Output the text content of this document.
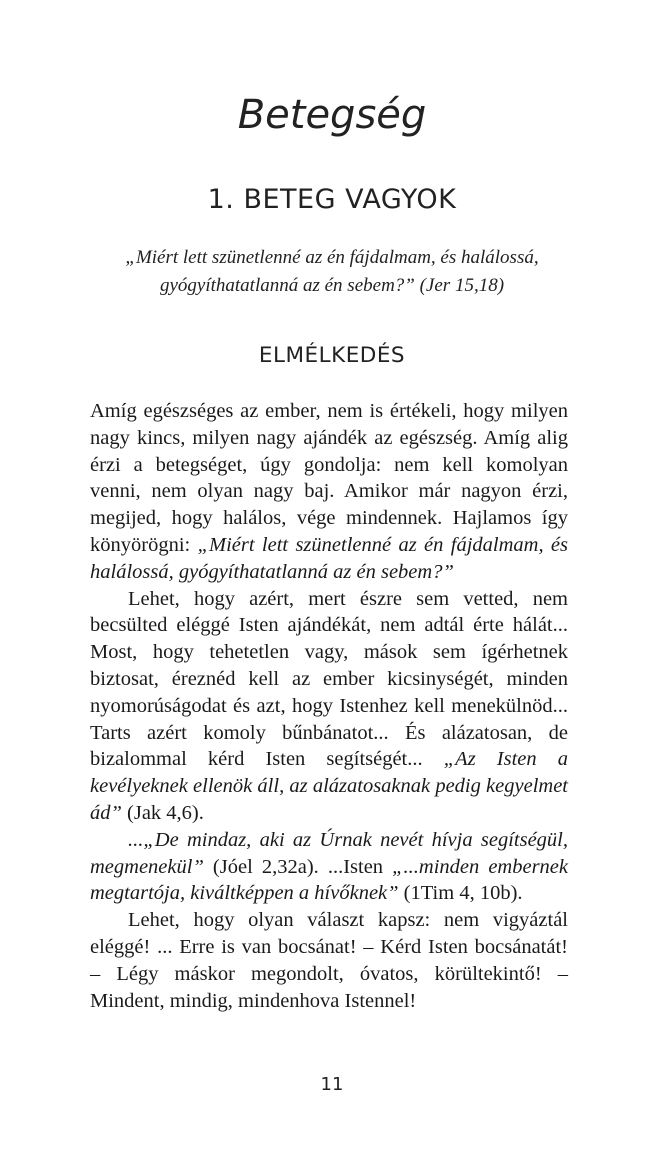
Betegség
1. BETEG VAGYOK

„Miért lett szünetlenné az én fájdalmam, és halálossá, gyógyíthatatlanná az én sebem?” (Jer 15,18)

ELMÉLKEDÉS

Amíg egészséges az ember, nem is értékeli, hogy milyen nagy kincs, milyen nagy ajándék az egészség. Amíg alig érzi a betegséget, úgy gondolja: nem kell komolyan venni, nem olyan nagy baj. Amikor már nagyon érzi, megijed, hogy halálos, vége mindennek. Hajlamos így könyörögni: „Miért lett szünetlenné az én fájdalmam, és halálossá, gyógyíthatatlanná az én sebem?”

Lehet, hogy azért, mert észre sem vetted, nem becsülted eléggé Isten ajándékát, nem adtál érte hálát... Most, hogy tehetetlen vagy, mások sem ígérhetnek biztosat, éreznéd kell az ember kicsinységét, minden nyomorúságodat és azt, hogy Istenhez kell menekülnöd... Tarts azért komoly bűnbánatot... És alázatosan, de bizalommal kérd Isten segítségét... „Az Isten a kevélyeknek ellenök áll, az alázatosaknak pedig kegyelmet ád” (Jak 4,6).

...„De mindaz, aki az Úrnak nevét hívja segítségül, megmenekül” (Jóel 2,32a). ...Isten „...minden embernek megtartója, kiváltképpen a hívőknek” (1Tim 4, 10b).

Lehet, hogy olyan választ kapsz: nem vigyáztál eléggé! ... Erre is van bocsánat! – Kérd Isten bocsánatát! – Légy máskor megondolt, óvatos, körültekintő! – Mindent, mindig, mindenhova Istennel!

11
